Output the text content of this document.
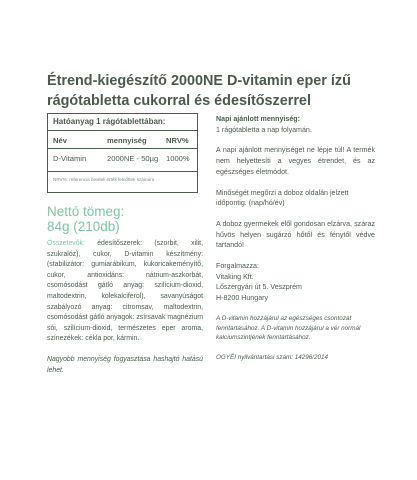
Étrend-kiegészítő 2000NE D-vitamin eper ízű
rágótabletta cukorral és édesítőszerrel
Hatóanyag 1 rágótablettában:
Név	mennyiség	NRV%
D-Vitamin	2000NE - 50µg 1000%
NRV%: referencia beviteli érték felnőttek számára
Nettó tömeg:
84g (210db)

Összetevők: édesítőszerek: (szorbit, xilit, szukralóz), cukor, D-vitamin készítmény: (stabilizátor: gumiarábikum, kukoricakeményítő, cukor, antioxidáns: nátrium-aszkorbát, csomósodást gátló anyag: szilícium-dioxid, maltodextrin, kolekalciferol), savanyúságot szabályozó anyag: citromsav, maltodextrin, csomósodást gátló anyagok: zsírsavak magnézium sói, szilícium-dioxid, természetes eper aroma, színezékek: cékla por, kármin.

Nagyobb mennyiség fogyasztása hashajtó hatású lehet.

Napi ajánlott mennyiség:

1 rágótabletta a nap folyamán.

A napi ajánlott mennyiséget ne lépje túl! A termék nem helyettesíti a vegyes étrendet, és az egészséges életmódot.

Minőségét megőrzi a doboz oldalán jelzett időpontig. (nap/hó/év)

A doboz gyermekek elől gondosan elzárva, száraz hűvös helyen sugárzó hőtől és fénytől védve tartandó!

Forgalmazza:

Vitaking Kft.

Lőszergyári út 5. Veszprém

H-8200 Hungary

A D-vitamin hozzájárul az egészséges csontozat fenntartásához. A D-vitamin hozzájárul a vér normál kalciumszintjének fenntartásához.

OGYÉI nyilvántartási szám: 14296/2014
